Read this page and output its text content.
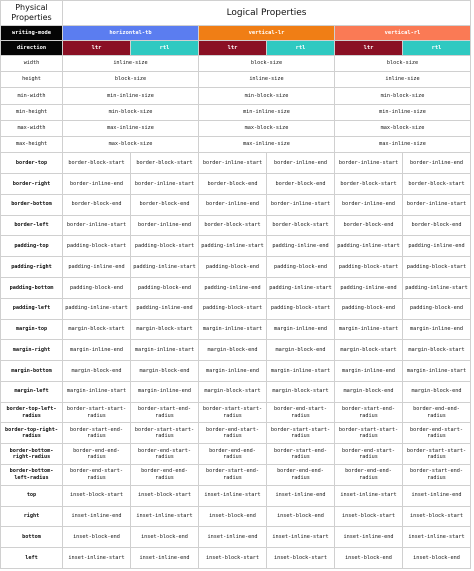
Physical Properties	Logical Properties					
writing-mode	horizontal-tb		vertical-lr		vertical-rl	
direction	ltr	rtl	ltr	rtl	ltr	rtl
width	inline-size		block-size		block-size	
height	block-size		inline-size		inline-size	
min-width	min-inline-size		min-block-size		min-block-size	
min-height	min-block-size		min-inline-size		min-inline-size	
max-width	max-inline-size		max-block-size		max-block-size	
max-height	max-block-size		max-inline-size		max-inline-size	
border-top	border-block-start	border-block-start	border-inline-start	border-inline-end	border-inline-start	border-inline-end
border-right	border-inline-end	border-inline-start	border-block-end	border-block-end	border-block-start	border-block-start
border-bottom	border-block-end	border-block-end	border-inline-end	border-inline-start	border-inline-end	border-inline-start
border-left	border-inline-start	border-inline-end	border-block-start	border-block-start	border-block-end	border-block-end
padding-top	padding-block-start	padding-block-start	padding-inline-start	padding-inline-end	padding-inline-start	padding-inline-end
padding-right	padding-inline-end	padding-inline-start	padding-block-end	padding-block-end	padding-block-start	padding-block-start
padding-bottom	padding-block-end	padding-block-end	padding-inline-end	padding-inline-start	padding-inline-end	padding-inline-start
padding-left	padding-inline-start	padding-inline-end	padding-block-start	padding-block-start	padding-block-end	padding-block-end
margin-top	margin-block-start	margin-block-start	margin-inline-start	margin-inline-end	margin-inline-start	margin-inline-end
margin-right	margin-inline-end	margin-inline-start	margin-block-end	margin-block-end	margin-block-start	margin-block-start
margin-bottom	margin-block-end	margin-block-end	margin-inline-end	margin-inline-start	margin-inline-end	margin-inline-start
margin-left	margin-inline-start	margin-inline-end	margin-block-start	margin-block-start	margin-block-end	margin-block-end
border-top-left-radius	border-start-start-radius	border-start-end-radius	border-start-start-radius	border-end-start-radius	border-start-end-radius	border-end-end-radius
border-top-right-radius	border-start-end-radius	border-start-start-radius	border-end-start-radius	border-start-start-radius	border-start-start-radius	border-end-start-radius
border-bottom-right-radius	border-end-end-radius	border-end-start-radius	border-end-end-radius	border-start-end-radius	border-end-start-radius	border-start-start-radius
border-bottom-left-radius	border-end-start-radius	border-end-end-radius	border-start-end-radius	border-end-end-radius	border-end-end-radius	border-start-end-radius
top	inset-block-start	inset-block-start	inset-inline-start	inset-inline-end	inset-inline-start	inset-inline-end
right	inset-inline-end	inset-inline-start	inset-block-end	inset-block-end	inset-block-start	inset-block-start
bottom	inset-block-end	inset-block-end	inset-inline-end	inset-inline-start	inset-inline-end	inset-inline-start
left	inset-inline-start	inset-inline-end	inset-block-start	inset-block-start	inset-block-end	inset-block-end
